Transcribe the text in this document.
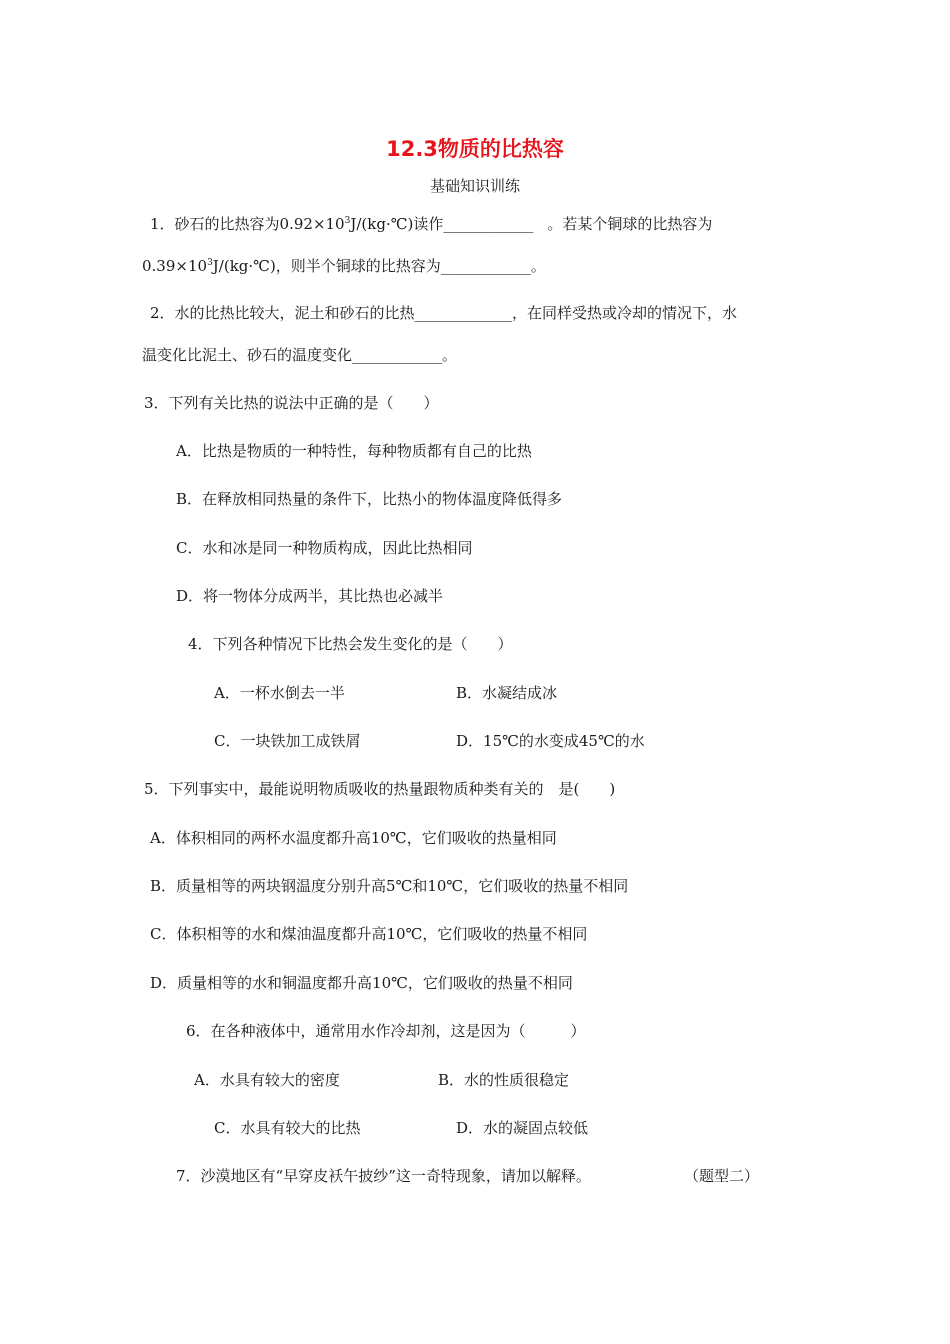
12.3物质的比热容
基础知识训练
1．砂石的比热容为$0.92\times 10^3J/(kg\cdot℃)$读作____________ 。若某个铜球的比热容为
$0.39\times 10^3J/(kg\cdot℃)$，则半个铜球的比热容为____________。
2．水的比热比较大，泥土和砂石的比热_____________，在同样受热或冷却的情况下，水
温变化比泥土、砂石的温度变化____________。
3．下列有关比热的说法中正确的是（　　）
A．比热是物质的一种特性，每种物质都有自己的比热
B．在释放相同热量的条件下，比热小的物体温度降低得多
C．水和冰是同一种物质构成，因此比热相同
D．将一物体分成两半，其比热也必减半
4．下列各种情况下比热会发生变化的是（　　）
A．一杯水倒去一半	B．水凝结成冰
C．一块铁加工成铁屑	D．15℃的水变成45℃的水
5．下列事实中，最能说明物质吸收的热量跟物质种类有关的　是(　　)
A．体积相同的两杯水温度都升高10℃，它们吸收的热量相同
B．质量相等的两块钢温度分别升高5℃和10℃，它们吸收的热量不相同
C．体积相等的水和煤油温度都升高10℃，它们吸收的热量不相同
D．质量相等的水和铜温度都升高10℃，它们吸收的热量不相同
6．在各种液体中，通常用水作冷却剂，这是因为（　　　）
A．水具有较大的密度	B．水的性质很稳定
C．水具有较大的比热	D．水的凝固点较低
7．沙漠地区有“早穿皮袄午披纱”这一奇特现象，请加以解释。	（题型二）
